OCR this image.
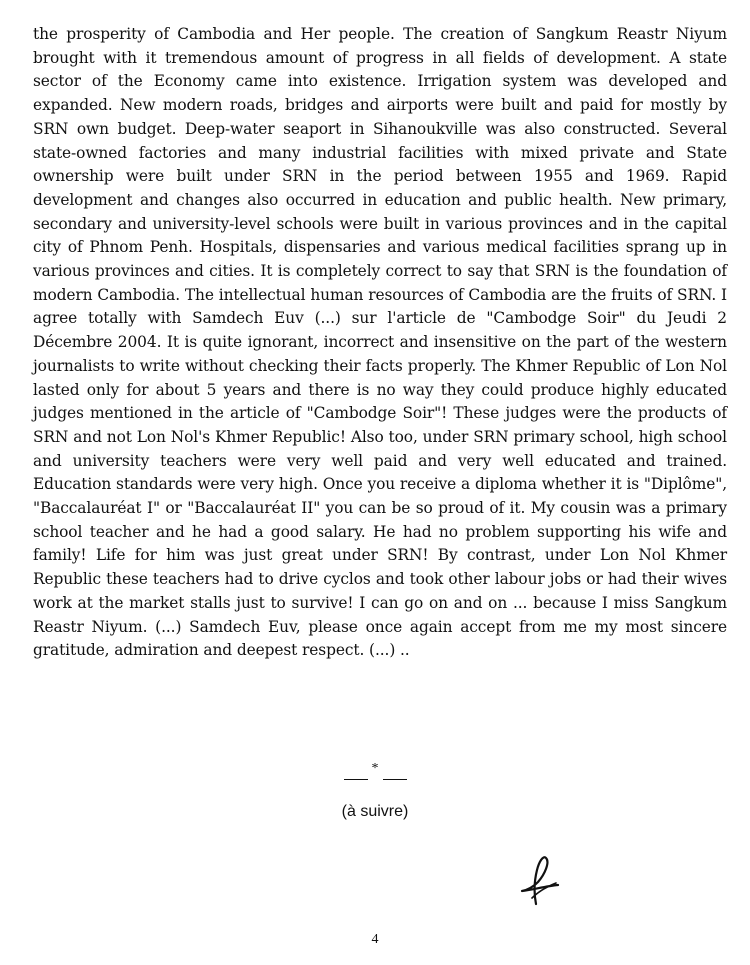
the prosperity of Cambodia and Her people. The creation of Sangkum Reastr Niyum brought with it tremendous amount of progress in all fields of development. A state sector of the Economy came into existence. Irrigation system was developed and expanded. New modern roads, bridges and airports were built and paid for mostly by SRN own budget. Deep-water seaport in Sihanoukville was also constructed. Several state-owned factories and many industrial facilities with mixed private and State ownership were built under SRN in the period between 1955 and 1969. Rapid development and changes also occurred in education and public health. New primary, secondary and university-level schools were built in various provinces and in the capital city of Phnom Penh. Hospitals, dispensaries and various medical facilities sprang up in various provinces and cities. It is completely correct to say that SRN is the foundation of modern Cambodia. The intellectual human resources of Cambodia are the fruits of SRN. I agree totally with Samdech Euv (...) sur l'article de "Cambodge Soir" du Jeudi 2 Décembre 2004. It is quite ignorant, incorrect and insensitive on the part of the western journalists to write without checking their facts properly. The Khmer Republic of Lon Nol lasted only for about 5 years and there is no way they could produce highly educated judges mentioned in the article of "Cambodge Soir"! These judges were the products of SRN and not Lon Nol's Khmer Republic! Also too, under SRN primary school, high school and university teachers were very well paid and very well educated and trained. Education standards were very high. Once you receive a diploma whether it is "Diplôme", "Baccalauréat I" or "Baccalauréat II" you can be so proud of it. My cousin was a primary school teacher and he had a good salary. He had no problem supporting his wife and family! Life for him was just great under SRN! By contrast, under Lon Nol Khmer Republic these teachers had to drive cyclos and took other labour jobs or had their wives work at the market stalls just to survive! I can go on and on ... because I miss Sangkum Reastr Niyum. (...) Samdech Euv, please once again accept from me my most sincere gratitude, admiration and deepest respect. (...) ..

*
(à suivre)
4
